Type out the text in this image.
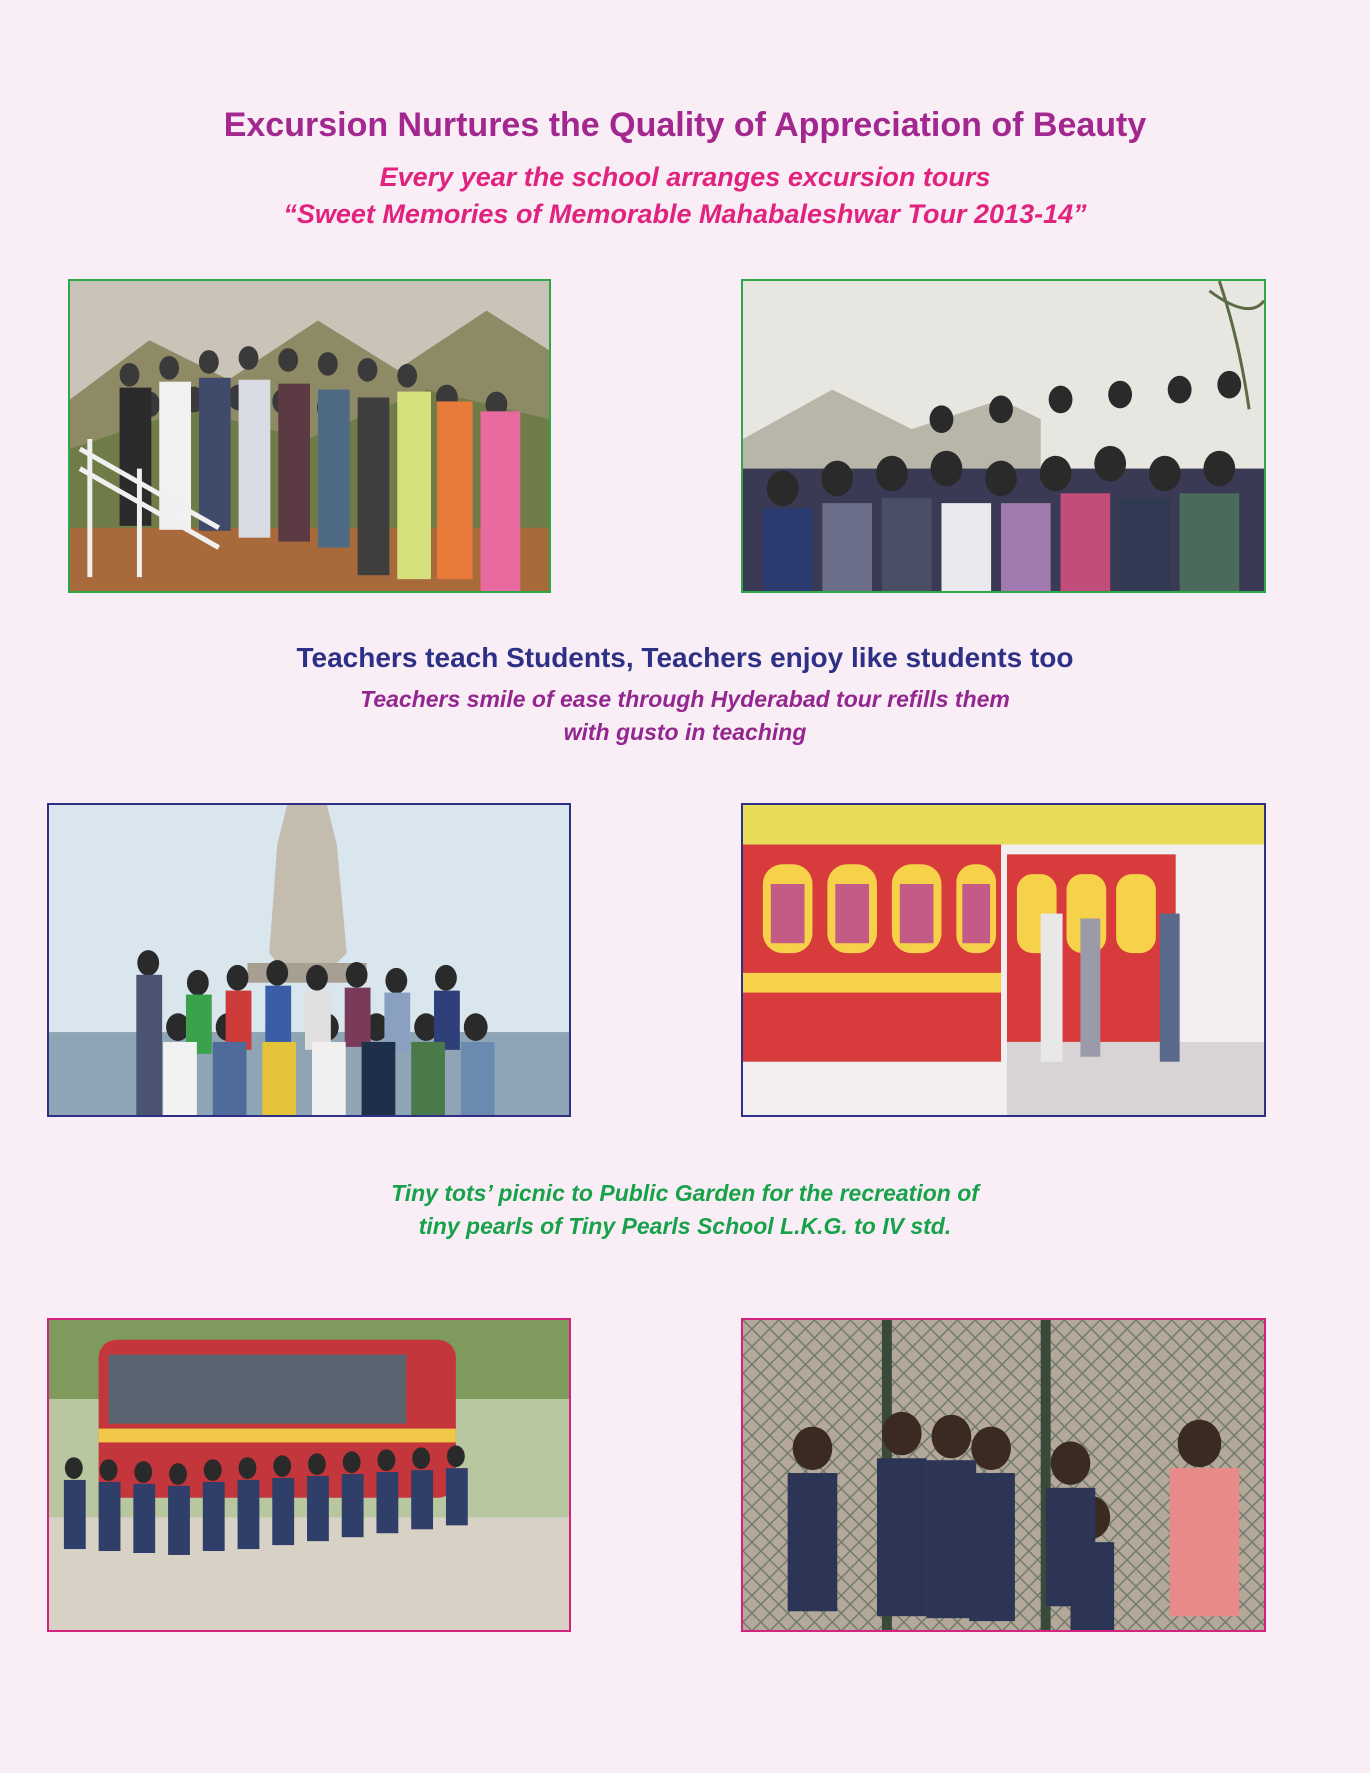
Excursion Nurtures the Quality of Appreciation of Beauty
Every year the school arranges excursion tours
“Sweet Memories of Memorable Mahabaleshwar Tour 2013-14”
Teachers teach Students, Teachers enjoy like students too
Teachers smile of ease through Hyderabad tour refills them
with gusto in teaching
Tiny tots’ picnic to Public Garden for the recreation of
tiny pearls of Tiny Pearls School L.K.G. to IV std.
